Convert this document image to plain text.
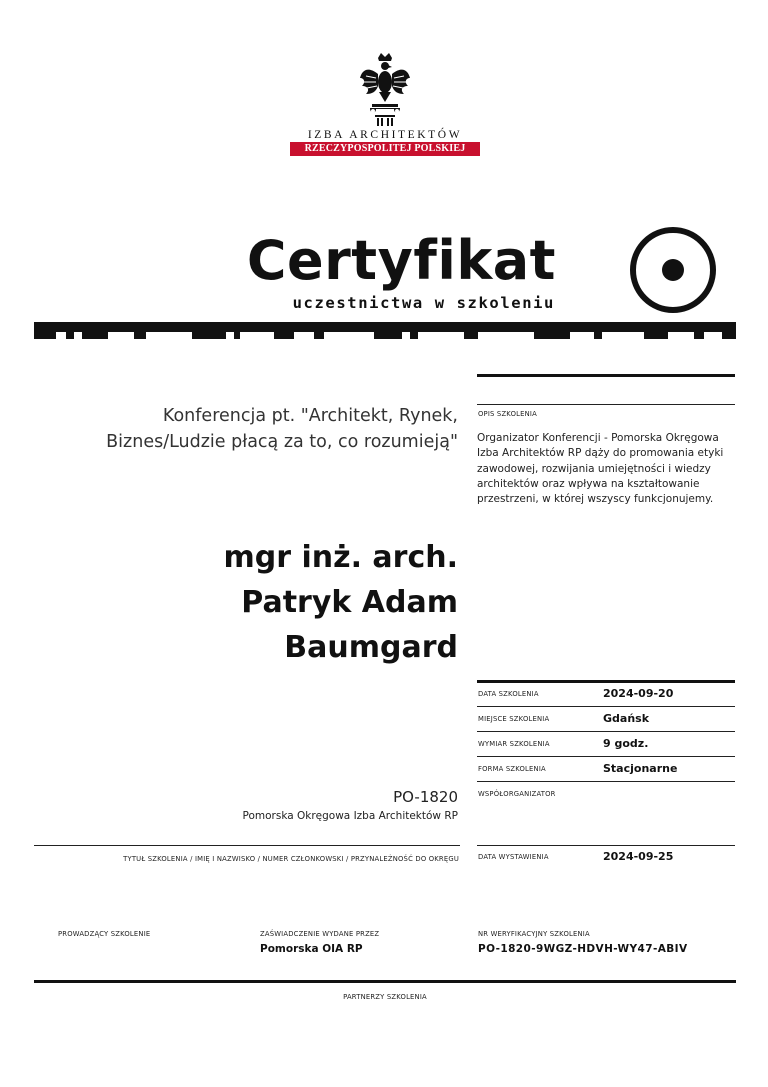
IZBA ARCHITEKTÓW
RZECZYPOSPOLITEJ POLSKIEJ
Certyfikat
uczestnictwa w szkoleniu
OPIS SZKOLENIA
Organizator Konferencji - Pomorska Okręgowa Izba Architektów RP dąży do promowania etyki zawodowej, rozwijania umiejętności i wiedzy architektów oraz wpływa na kształtowanie przestrzeni, w której wszyscy funkcjonujemy.
Konferencja pt. "Architekt, Rynek,
Biznes/Ludzie płacą za to, co rozumieją"
mgr inż. arch.
Patryk Adam
Baumgard
DATA SZKOLENIA	2024-09-20
MIEJSCE SZKOLENIA	Gdańsk
WYMIAR SZKOLENIA	9 godz.
FORMA SZKOLENIA	Stacjonarne
WSPÓŁORGANIZATOR
PO-1820
Pomorska Okręgowa Izba Architektów RP
TYTUŁ SZKOLENIA / IMIĘ I NAZWISKO / NUMER CZŁONKOWSKI / PRZYNALEŻNOŚĆ DO OKRĘGU	DATA WYSTAWIENIA	2024-09-25
PROWADZĄCY SZKOLENIE	ZAŚWIADCZENIE WYDANE PRZEZ
Pomorska OIA RP
NR WERYFIKACYJNY SZKOLENIA
PO-1820-9WGZ-HDVH-WY47-ABIV
PARTNERZY SZKOLENIA
